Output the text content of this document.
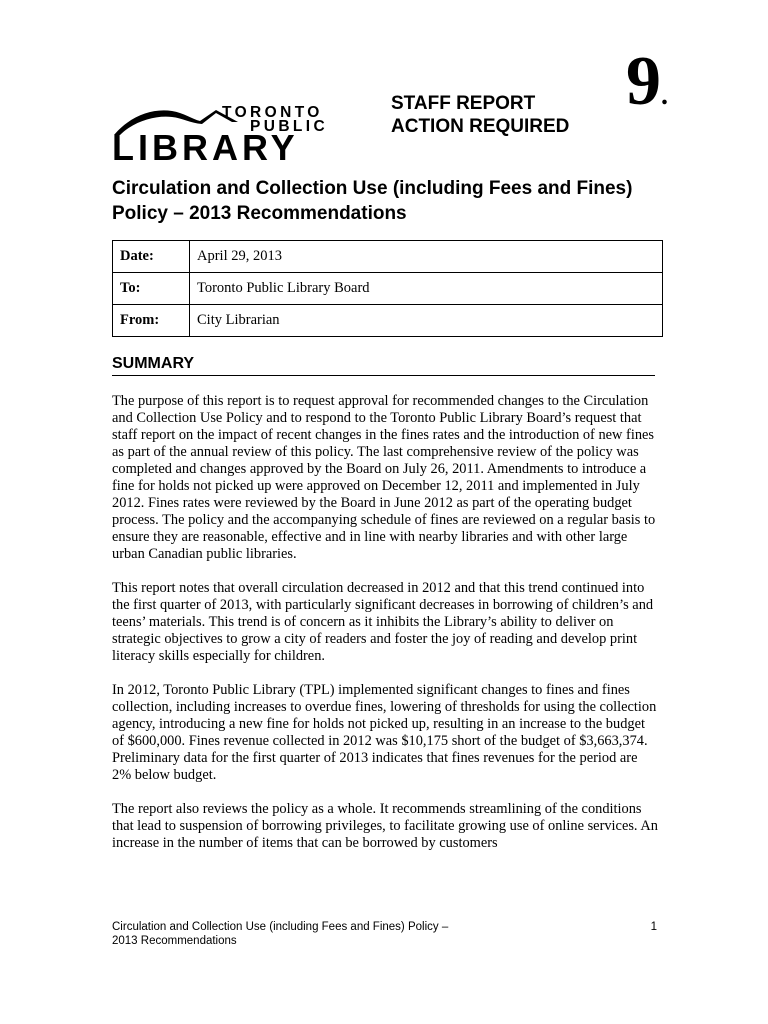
TORONTO
PUBLIC
LIBRARY
STAFF REPORT
ACTION REQUIRED
9.
Circulation and Collection Use (including Fees and Fines) Policy – 2013 Recommendations
Date:	April 29, 2013
To:	Toronto Public Library Board
From:	City Librarian
SUMMARY

The purpose of this report is to request approval for recommended changes to the Circulation and Collection Use Policy and to respond to the Toronto Public Library Board’s request that staff report on the impact of recent changes in the fines rates and the introduction of new fines as part of the annual review of this policy. The last comprehensive review of the policy was completed and changes approved by the Board on July 26, 2011. Amendments to introduce a fine for holds not picked up were approved on December 12, 2011 and implemented in July 2012. Fines rates were reviewed by the Board in June 2012 as part of the operating budget process. The policy and the accompanying schedule of fines are reviewed on a regular basis to ensure they are reasonable, effective and in line with nearby libraries and with other large urban Canadian public libraries.

This report notes that overall circulation decreased in 2012 and that this trend continued into the first quarter of 2013, with particularly significant decreases in borrowing of children’s and teens’ materials. This trend is of concern as it inhibits the Library’s ability to deliver on strategic objectives to grow a city of readers and foster the joy of reading and develop print literacy skills especially for children.

In 2012, Toronto Public Library (TPL) implemented significant changes to fines and fines collection, including increases to overdue fines, lowering of thresholds for using the collection agency, introducing a new fine for holds not picked up, resulting in an increase to the budget of $600,000. Fines revenue collected in 2012 was $10,175 short of the budget of $3,663,374. Preliminary data for the first quarter of 2013 indicates that fines revenues for the period are 2% below budget.

The report also reviews the policy as a whole. It recommends streamlining of the conditions that lead to suspension of borrowing privileges, to facilitate growing use of online services. An increase in the number of items that can be borrowed by customers

Circulation and Collection Use (including Fees and Fines) Policy –
2013 Recommendations
1
